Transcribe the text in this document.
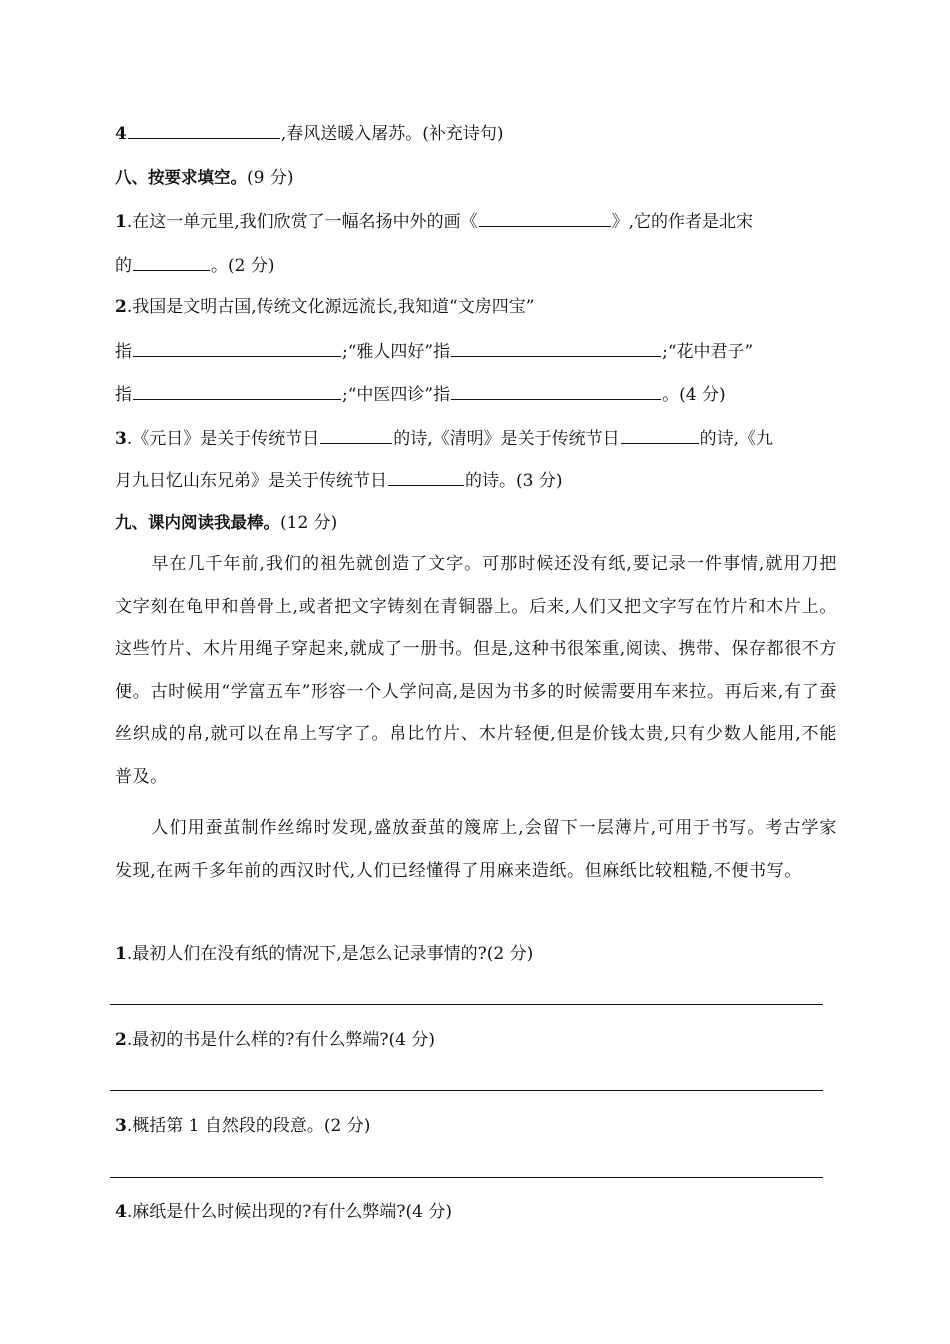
4	,春风送暖入屠苏。(补充诗句)
八、按要求填空。(9 分)
1.在这一单元里,我们欣赏了一幅名扬中外的画《	》,它的作者是北宋
的	。(2 分)
2.我国是文明古国,传统文化源远流长,我知道“文房四宝”
指	;“雅人四好”指	;“花中君子”
指	;“中医四诊”指	。(4 分)
3.《元日》是关于传统节日	的诗,《清明》是关于传统节日	的诗,《九
月九日忆山东兄弟》是关于传统节日	的诗。(3 分)
九、课内阅读我最棒。(12 分)
早在几千年前,我们的祖先就创造了文字。可那时候还没有纸,要记录一件事情,就用刀把文字刻在龟甲和兽骨上,或者把文字铸刻在青铜器上。后来,人们又把文字写在竹片和木片上。这些竹片、木片用绳子穿起来,就成了一册书。但是,这种书很笨重,阅读、携带、保存都很不方便。古时候用“学富五车”形容一个人学问高,是因为书多的时候需要用车来拉。再后来,有了蚕丝织成的帛,就可以在帛上写字了。帛比竹片、木片轻便,但是价钱太贵,只有少数人能用,不能普及。
人们用蚕茧制作丝绵时发现,盛放蚕茧的篾席上,会留下一层薄片,可用于书写。考古学家发现,在两千多年前的西汉时代,人们已经懂得了用麻来造纸。但麻纸比较粗糙,不便书写。
1.最初人们在没有纸的情况下,是怎么记录事情的?(2 分)
2.最初的书是什么样的?有什么弊端?(4 分)
3.概括第 1 自然段的段意。(2 分)
4.麻纸是什么时候出现的?有什么弊端?(4 分)
